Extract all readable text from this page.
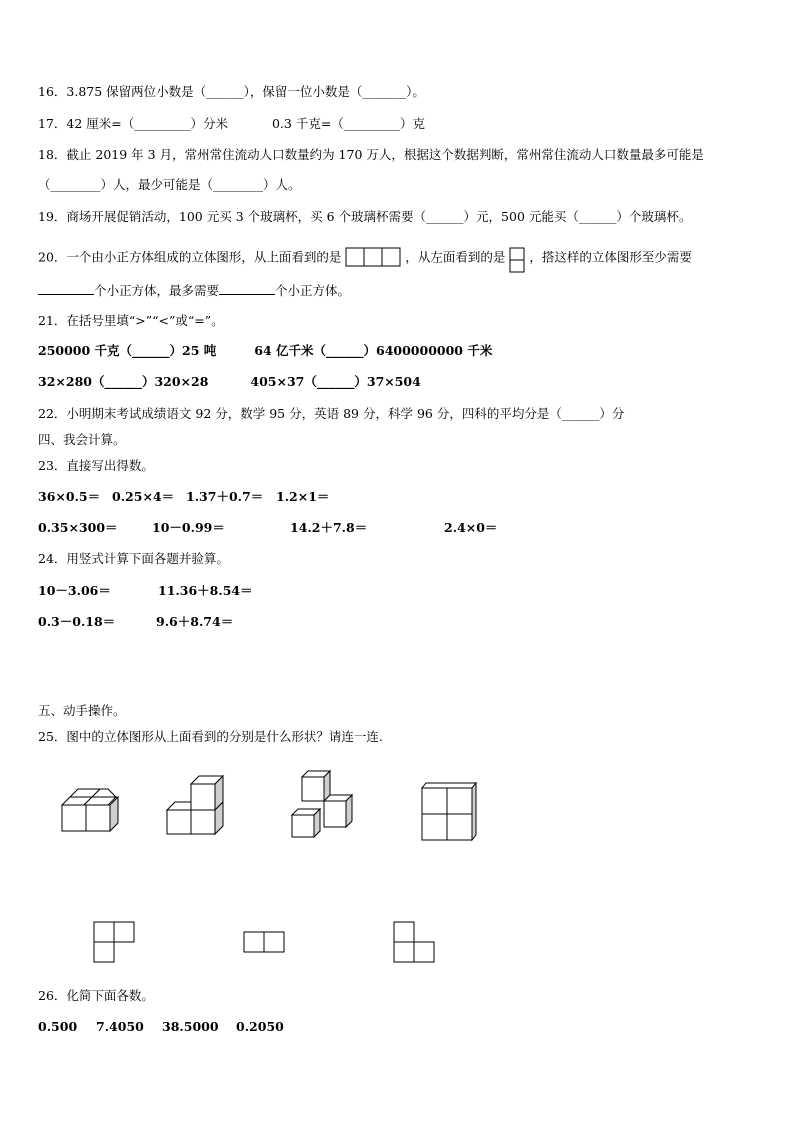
16．3.875 保留两位小数是（______），保留一位小数是（_______）。
17．42 厘米=（_________）分米	0.3 千克=（_________）克
18．截止 2019 年 3 月，常州常住流动人口数量约为 170 万人，根据这个数据判断，常州常住流动人口数量最多可能是
（________）人，最少可能是（________）人。
19．商场开展促销活动，100 元买 3 个玻璃杯，买 6 个玻璃杯需要（______）元，500 元能买（______）个玻璃杯。
20．一个由小正方体组成的立体图形，从上面看到的是	，从左面看到的是 ，搭这样的立体图形至少需要
个小正方体，最多需要	个小正方体。
21．在括号里填“>”“<”或“=”。
250000 千克（______）25 吨	64 亿千米（______）6400000000 千米
32×280（______）320×28	405×37（______）37×504
22．小明期末考试成绩语文 92 分，数学 95 分，英语 89 分，科学 96 分，四科的平均分是（______）分
四、我会计算。
23．直接写出得数。
36×0.5＝ 0.25×4＝ 1.37＋0.7＝ 1.2×1＝
0.35×300＝	10－0.99＝	14.2＋7.8＝	2.4×0＝
24．用竖式计算下面各题并验算。
10－3.06＝	11.36＋8.54＝
0.3－0.18＝	9.6＋8.74＝
五、动手操作。
25．图中的立体图形从上面看到的分别是什么形状？请连一连.
26．化简下面各数。
0.500 7.4050 38.5000 0.2050
